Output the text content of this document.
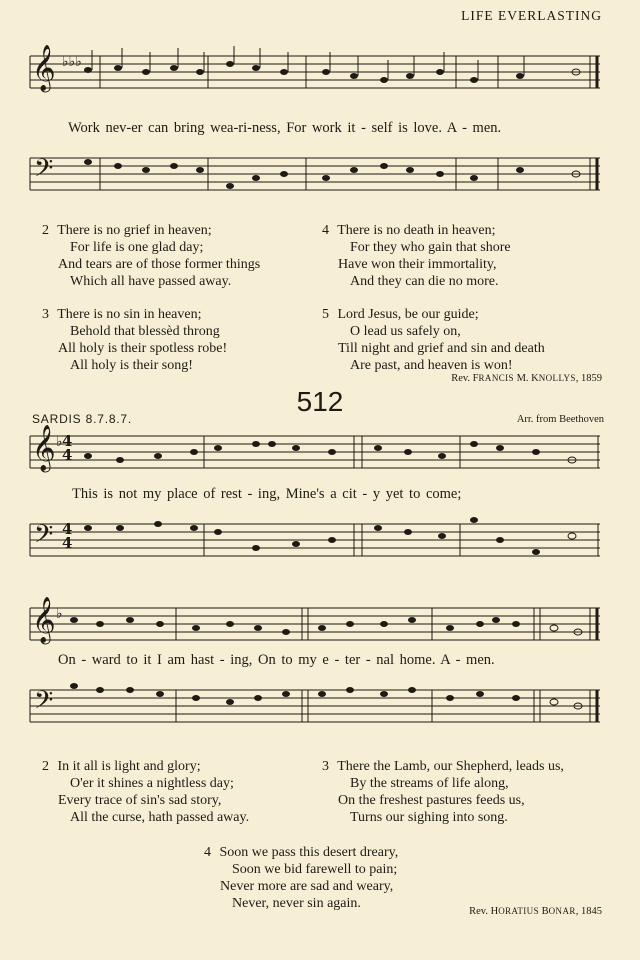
LIFE EVERLASTING
𝄞 ♭♭♭
Work nev-er can bring wea-ri-ness, For work it - self is love. A - men.
𝄢
2 There is no grief in heaven;
For life is one glad day;
And tears are of those former things
Which all have passed away.
4 There is no death in heaven;
For they who gain that shore
Have won their immortality,
And they can die no more.
3 There is no sin in heaven;
Behold that blessèd throng
All holy is their spotless robe!
All holy is their song!
5 Lord Jesus, be our guide;
O lead us safely on,
Till night and grief and sin and death
Are past, and heaven is won!
Rev. FRANCIS M. KNOLLYS, 1859
512
SARDIS 8.7.8.7.	Arr. from Beethoven
𝄞 ♭ 4
4
This is not my place of rest - ing, Mine's a cit - y yet to come;
𝄢 4
4
𝄞 ♭
On - ward to it I am hast - ing, On to my e - ter - nal home. A - men.
𝄢
2 In it all is light and glory;
O'er it shines a nightless day;
Every trace of sin's sad story,
All the curse, hath passed away.
3 There the Lamb, our Shepherd, leads us,
By the streams of life along,
On the freshest pastures feeds us,
Turns our sighing into song.
4 Soon we pass this desert dreary,
Soon we bid farewell to pain;
Never more are sad and weary,
Never, never sin again.
Rev. HORATIUS BONAR, 1845
